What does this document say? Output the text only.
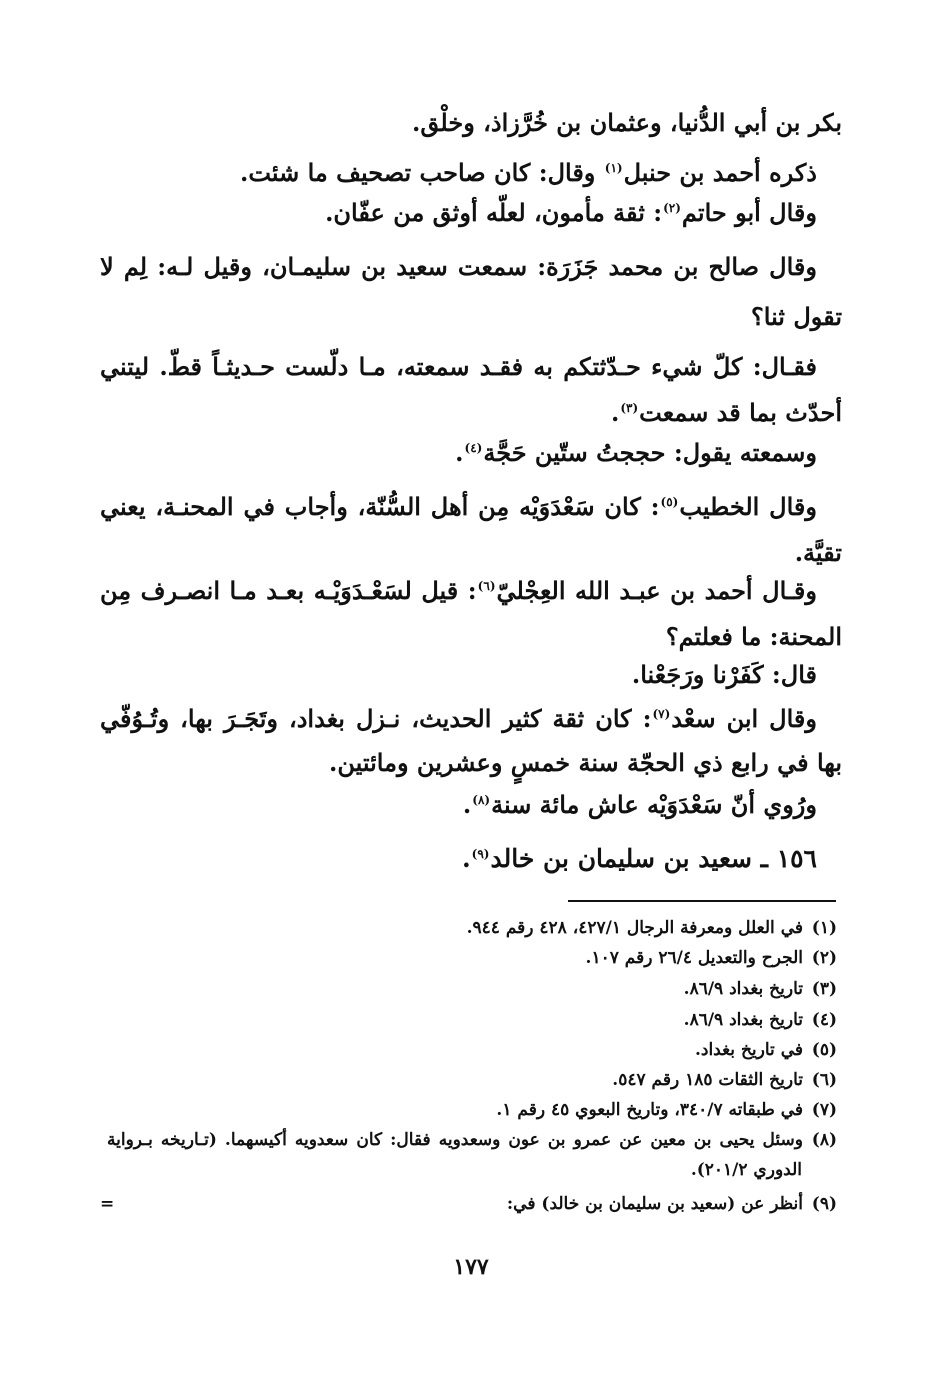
بكر بن أبي الدُّنيا، وعثمان بن خُرَّزاذ، وخلْق.
ذكره أحمد بن حنبل$^{(١)}$ وقال: كان صاحب تصحيف ما شئت.
وقال أبو حاتم$^{(٢)}$: ثقة مأمون، لعلّه أوثق من عفّان.
وقال صالح بن محمد جَزَرَة: سمعت سعيد بن سليمـان، وقيل لـه: لِم لا
تقول ثنا؟
فقـال: كلّ شيء حـدّثتكم به فقـد سمعته، مـا دلّست حـديثـاً قطّ. ليتني
أحدّث بما قد سمعت$^{(٣)}$.
وسمعته يقول: حججتُ ستّين حَجَّة$^{(٤)}$.
وقال الخطيب$^{(٥)}$: كان سَعْدَوَيْه مِن أهل السُّنّة، وأجاب في المحنـة، يعني
تقيَّة.
وقـال أحمد بن عبـد الله العِجْليّ$^{(٦)}$: قيل لسَعْـدَوَيْـه بعـد مـا انصـرف مِن
المحنة: ما فعلتم؟
قال: كَفَرْنا ورَجَعْنا.
وقال ابن سعْد$^{(٧)}$: كان ثقة كثير الحديث، نـزل بغداد، وتَجَـرَ بها، وتُـوُفّي
بها في رابع ذي الحجّة سنة خمسٍ وعشرين ومائتين.
ورُوي أنّ سَعْدَوَيْه عاش مائة سنة$^{(٨)}$.
١٥٦ ـ سعيد بن سليمان بن خالد$^{(٩)}$.
(١)في العلل ومعرفة الرجال ٤٢٧/١، ٤٢٨ رقم ٩٤٤.
(٢)الجرح والتعديل ٢٦/٤ رقم ١٠٧.
(٣)تاريخ بغداد ٨٦/٩.
(٤)تاريخ بغداد ٨٦/٩.
(٥)في تاريخ بغداد.
(٦)تاريخ الثقات ١٨٥ رقم ٥٤٧.
(٧)في طبقاته ٣٤٠/٧، وتاريخ البعوي ٤٥ رقم ١.
(٨)وسئل يحيى بن معين عن عمرو بن عون وسعدويه فقال: كان سعدويه أكيسهما. (تـاريخه بـرواية
الدوري ٢٠١/٢).
(٩)أنظر عن (سعيد بن سليمان بن خالد) في:
=
١٧٧
